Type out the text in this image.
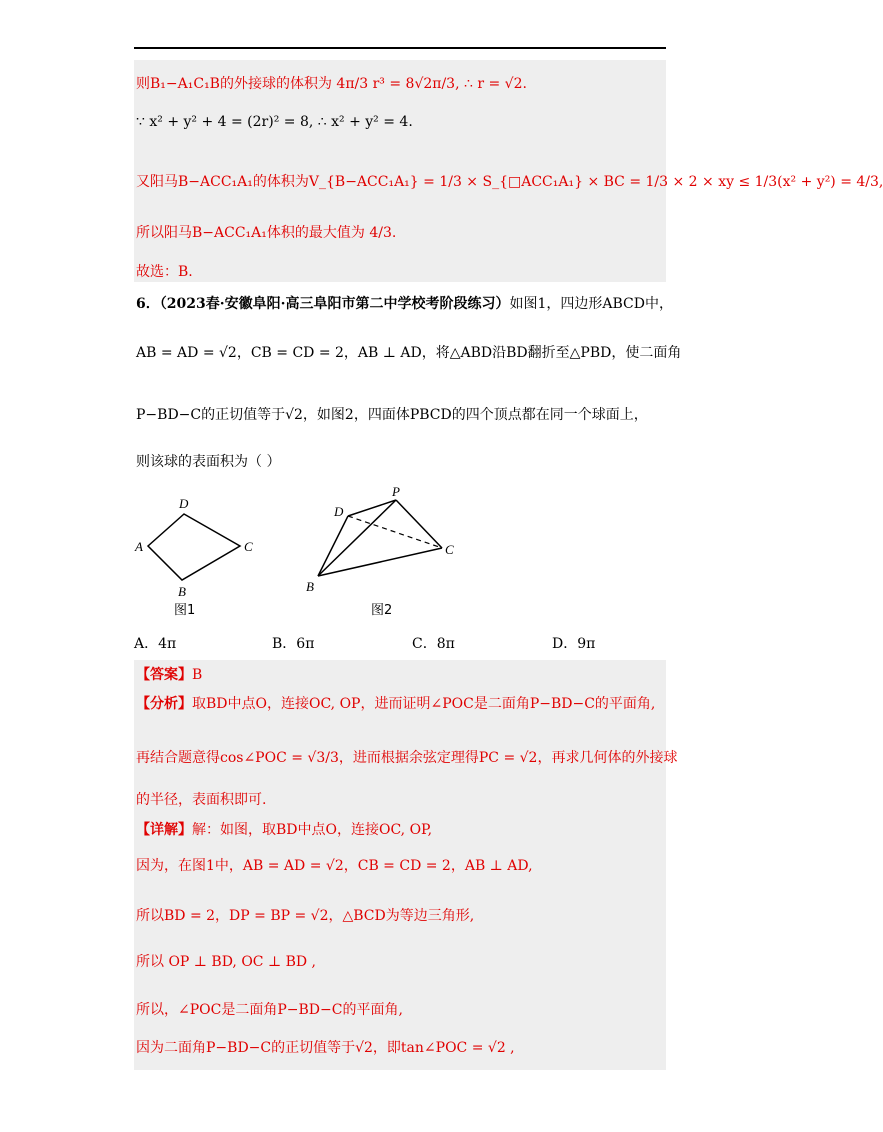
则B₁−A₁C₁B的外接球的体积为 4π/3 r³ = 8√2π/3, ∴ r = √2.
∵ x² + y² + 4 = (2r)² = 8, ∴ x² + y² = 4.
又阳马B−ACC₁A₁的体积为V_{B−ACC₁A₁} = 1/3 × S_{□ACC₁A₁} × BC = 1/3 × 2 × xy ≤ 1/3(x² + y²) = 4/3,
所以阳马B−ACC₁A₁体积的最大值为 4/3.
故选：B.
6．（2023春·安徽阜阳·高三阜阳市第二中学校考阶段练习）如图1，四边形ABCD中，
AB = AD = √2，CB = CD = 2，AB ⊥ AD，将△ABD沿BD翻折至△PBD，使二面角
P−BD−C的正切值等于√2，如图2，四面体PBCD的四个顶点都在同一个球面上，
则该球的表面积为（ ）
D
A	C
B
图1
P
D
C
B
图2
A．4π	B．6π	C．8π	D．9π
【答案】B
【分析】取BD中点O，连接OC, OP，进而证明∠POC是二面角P−BD−C的平面角,
再结合题意得cos∠POC = √3/3，进而根据余弦定理得PC = √2，再求几何体的外接球
的半径，表面积即可.
【详解】解：如图，取BD中点O，连接OC, OP,
因为，在图1中，AB = AD = √2，CB = CD = 2，AB ⊥ AD,
所以BD = 2，DP = BP = √2，△BCD为等边三角形,
所以 OP ⊥ BD, OC ⊥ BD ,
所以，∠POC是二面角P−BD−C的平面角,
因为二面角P−BD−C的正切值等于√2，即tan∠POC = √2 ,
